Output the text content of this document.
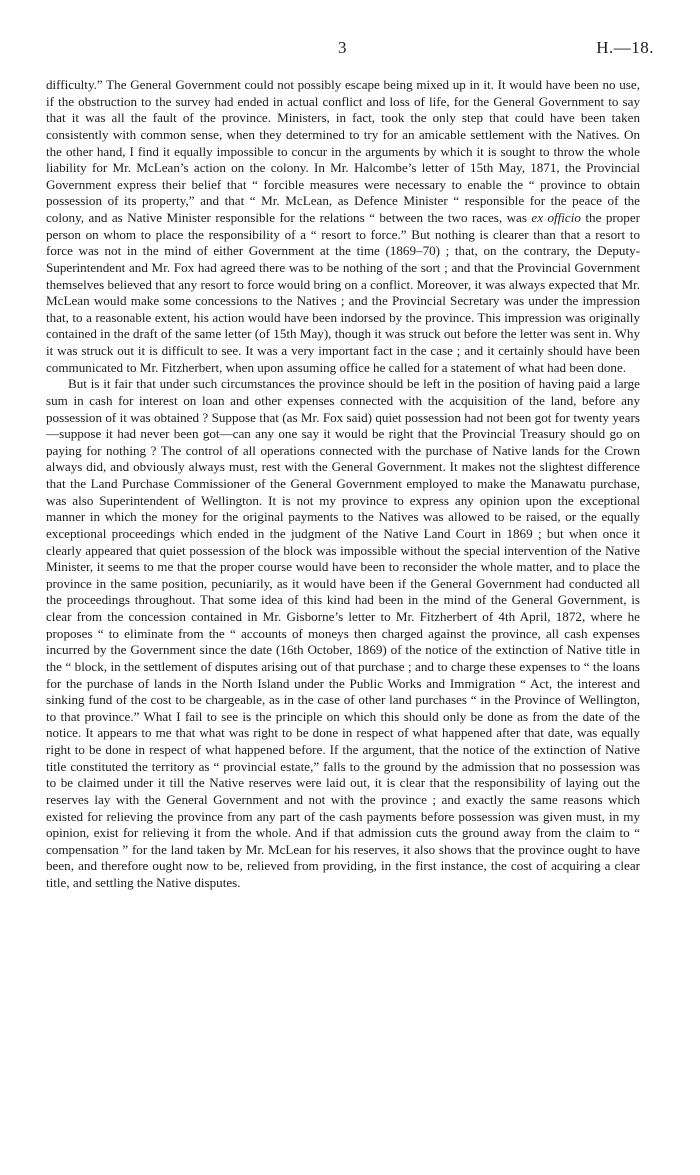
3	H.—18.

difficulty.” The General Government could not possibly escape being mixed up in it. It would have been no use, if the obstruction to the survey had ended in actual conflict and loss of life, for the General Government to say that it was all the fault of the province. Ministers, in fact, took the only step that could have been taken consistently with common sense, when they determined to try for an amicable settlement with the Natives. On the other hand, I find it equally impossible to concur in the arguments by which it is sought to throw the whole liability for Mr. McLean’s action on the colony. In Mr. Halcombe’s letter of 15th May, 1871, the Provincial Government express their belief that “ forcible measures were necessary to enable the “ province to obtain possession of its property,” and that “ Mr. McLean, as Defence Minister “ responsible for the peace of the colony, and as Native Minister responsible for the relations “ between the two races, was ex officio the proper person on whom to place the responsibility of a “ resort to force.” But nothing is clearer than that a resort to force was not in the mind of either Government at the time (1869–70) ; that, on the contrary, the Deputy-Superintendent and Mr. Fox had agreed there was to be nothing of the sort ; and that the Provincial Government themselves believed that any resort to force would bring on a conflict. Moreover, it was always expected that Mr. McLean would make some concessions to the Natives ; and the Provincial Secretary was under the impression that, to a reasonable extent, his action would have been indorsed by the province. This impression was originally contained in the draft of the same letter (of 15th May), though it was struck out before the letter was sent in. Why it was struck out it is difficult to see. It was a very important fact in the case ; and it certainly should have been communicated to Mr. Fitzherbert, when upon assuming office he called for a statement of what had been done.

But is it fair that under such circumstances the province should be left in the position of having paid a large sum in cash for interest on loan and other expenses connected with the acquisition of the land, before any possession of it was obtained ? Suppose that (as Mr. Fox said) quiet possession had not been got for twenty years—suppose it had never been got—can any one say it would be right that the Provincial Treasury should go on paying for nothing ? The control of all operations connected with the purchase of Native lands for the Crown always did, and obviously always must, rest with the General Government. It makes not the slightest difference that the Land Purchase Commissioner of the General Government employed to make the Manawatu purchase, was also Superintendent of Wellington. It is not my province to express any opinion upon the exceptional manner in which the money for the original payments to the Natives was allowed to be raised, or the equally exceptional proceedings which ended in the judgment of the Native Land Court in 1869 ; but when once it clearly appeared that quiet possession of the block was impossible without the special intervention of the Native Minister, it seems to me that the proper course would have been to reconsider the whole matter, and to place the province in the same position, pecuniarily, as it would have been if the General Government had conducted all the proceedings throughout. That some idea of this kind had been in the mind of the General Government, is clear from the concession contained in Mr. Gisborne’s letter to Mr. Fitzherbert of 4th April, 1872, where he proposes “ to eliminate from the “ accounts of moneys then charged against the province, all cash expenses incurred by the Government since the date (16th October, 1869) of the notice of the extinction of Native title in the “ block, in the settlement of disputes arising out of that purchase ; and to charge these expenses to “ the loans for the purchase of lands in the North Island under the Public Works and Immigration “ Act, the interest and sinking fund of the cost to be chargeable, as in the case of other land purchases “ in the Province of Wellington, to that province.” What I fail to see is the principle on which this should only be done as from the date of the notice. It appears to me that what was right to be done in respect of what happened after that date, was equally right to be done in respect of what happened before. If the argument, that the notice of the extinction of Native title constituted the territory as “ provincial estate,” falls to the ground by the admission that no possession was to be claimed under it till the Native reserves were laid out, it is clear that the responsibility of laying out the reserves lay with the General Government and not with the province ; and exactly the same reasons which existed for relieving the province from any part of the cash payments before possession was given must, in my opinion, exist for relieving it from the whole. And if that admission cuts the ground away from the claim to “ compensation ” for the land taken by Mr. McLean for his reserves, it also shows that the province ought to have been, and therefore ought now to be, relieved from providing, in the first instance, the cost of acquiring a clear title, and settling the Native disputes.
